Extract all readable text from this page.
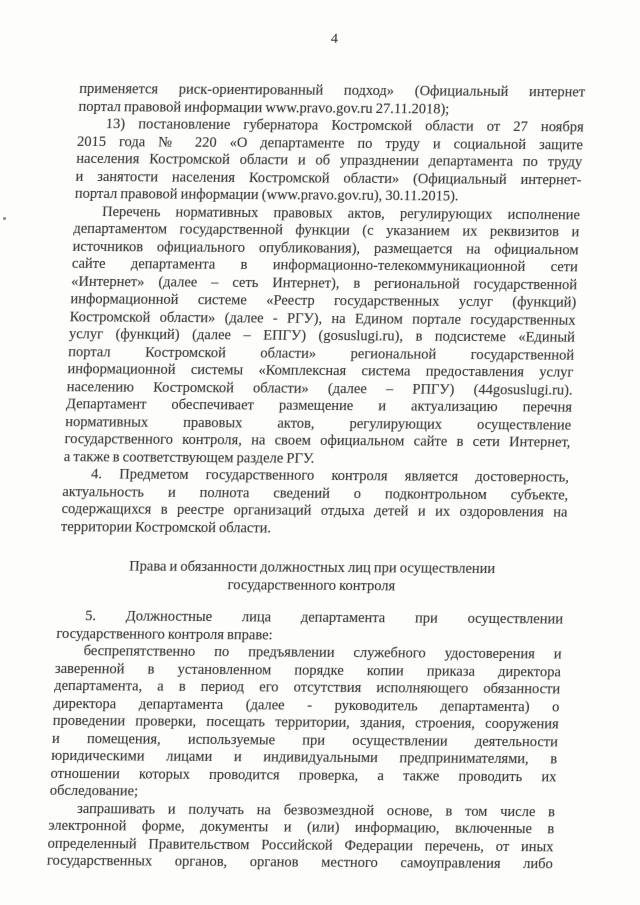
4

применяется риск-ориентированный подход» (Официальный интернет
портал правовой информации www.pravo.gov.ru 27.11.2018);

13) постановление губернатора Костромской области от 27 ноября
2015 года № 220 «О департаменте по труду и социальной защите
населения Костромской области и об упразднении департамента по труду
и занятости населения Костромской области» (Официальный интернет-
портал правовой информации (www.pravo.gov.ru), 30.11.2015).

Перечень нормативных правовых актов, регулирующих исполнение
департаментом государственной функции (с указанием их реквизитов и
источников официального опубликования), размещается на официальном
сайте департамента в информационно-телекоммуникационной сети
«Интернет» (далее – сеть Интернет), в региональной государственной
информационной системе «Реестр государственных услуг (функций)
Костромской области» (далее - РГУ), на Едином портале государственных
услуг (функций) (далее – ЕПГУ) (gosuslugi.ru), в подсистеме «Единый
портал Костромской области» региональной государственной
информационной системы «Комплексная система предоставления услуг
населению Костромской области» (далее – РПГУ) (44gosuslugi.ru).
Департамент обеспечивает размещение и актуализацию перечня
нормативных правовых актов, регулирующих осуществление
государственного контроля, на своем официальном сайте в сети Интернет,
а также в соответствующем разделе РГУ.

4. Предметом государственного контроля является достоверность,
актуальность и полнота сведений о подконтрольном субъекте,
содержащихся в реестре организаций отдыха детей и их оздоровления на
территории Костромской области.

Права и обязанности должностных лиц при осуществлении
государственного контроля

5. Должностные лица департамента при осуществлении
государственного контроля вправе:

беспрепятственно по предъявлении служебного удостоверения и
заверенной в установленном порядке копии приказа директора
департамента, а в период его отсутствия исполняющего обязанности
директора департамента (далее - руководитель департамента) о
проведении проверки, посещать территории, здания, строения, сооружения
и помещения, используемые при осуществлении деятельности
юридическими лицами и индивидуальными предпринимателями, в
отношении которых проводится проверка, а также проводить их
обследование;

запрашивать и получать на безвозмездной основе, в том числе в
электронной форме, документы и (или) информацию, включенные в
определенный Правительством Российской Федерации перечень, от иных
государственных органов, органов местного самоуправления либо
